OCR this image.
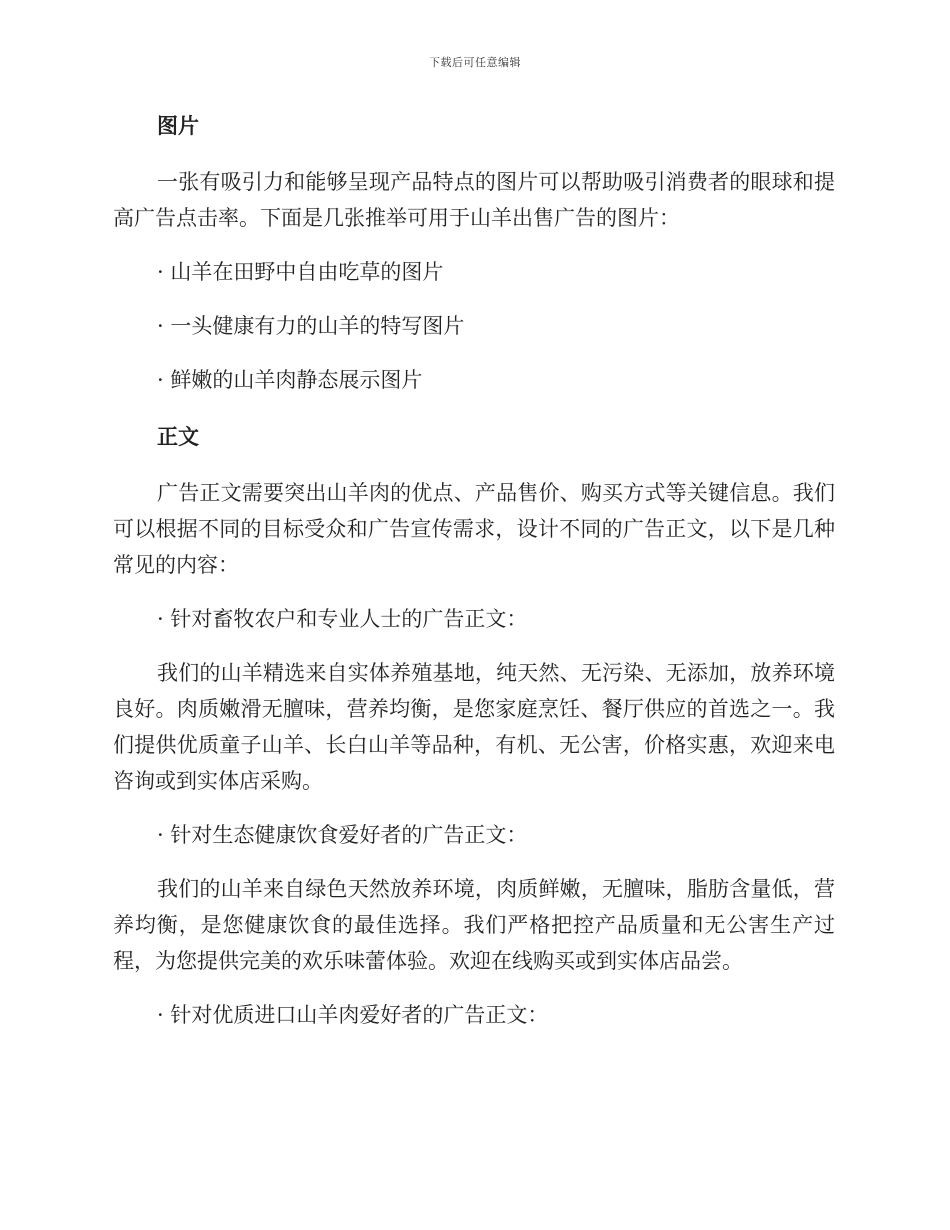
下载后可任意编辑
图片

一张有吸引力和能够呈现产品特点的图片可以帮助吸引消费者的眼球和提高广告点击率。下面是几张推举可用于山羊出售广告的图片：

· 山羊在田野中自由吃草的图片

· 一头健康有力的山羊的特写图片

· 鲜嫩的山羊肉静态展示图片

正文

广告正文需要突出山羊肉的优点、产品售价、购买方式等关键信息。我们可以根据不同的目标受众和广告宣传需求，设计不同的广告正文，以下是几种常见的内容：

· 针对畜牧农户和专业人士的广告正文：

我们的山羊精选来自实体养殖基地，纯天然、无污染、无添加，放养环境良好。肉质嫩滑无膻味，营养均衡，是您家庭烹饪、餐厅供应的首选之一。我们提供优质童子山羊、长白山羊等品种，有机、无公害，价格实惠，欢迎来电咨询或到实体店采购。

· 针对生态健康饮食爱好者的广告正文：

我们的山羊来自绿色天然放养环境，肉质鲜嫩，无膻味，脂肪含量低，营养均衡，是您健康饮食的最佳选择。我们严格把控产品质量和无公害生产过程，为您提供完美的欢乐味蕾体验。欢迎在线购买或到实体店品尝。

· 针对优质进口山羊肉爱好者的广告正文：
